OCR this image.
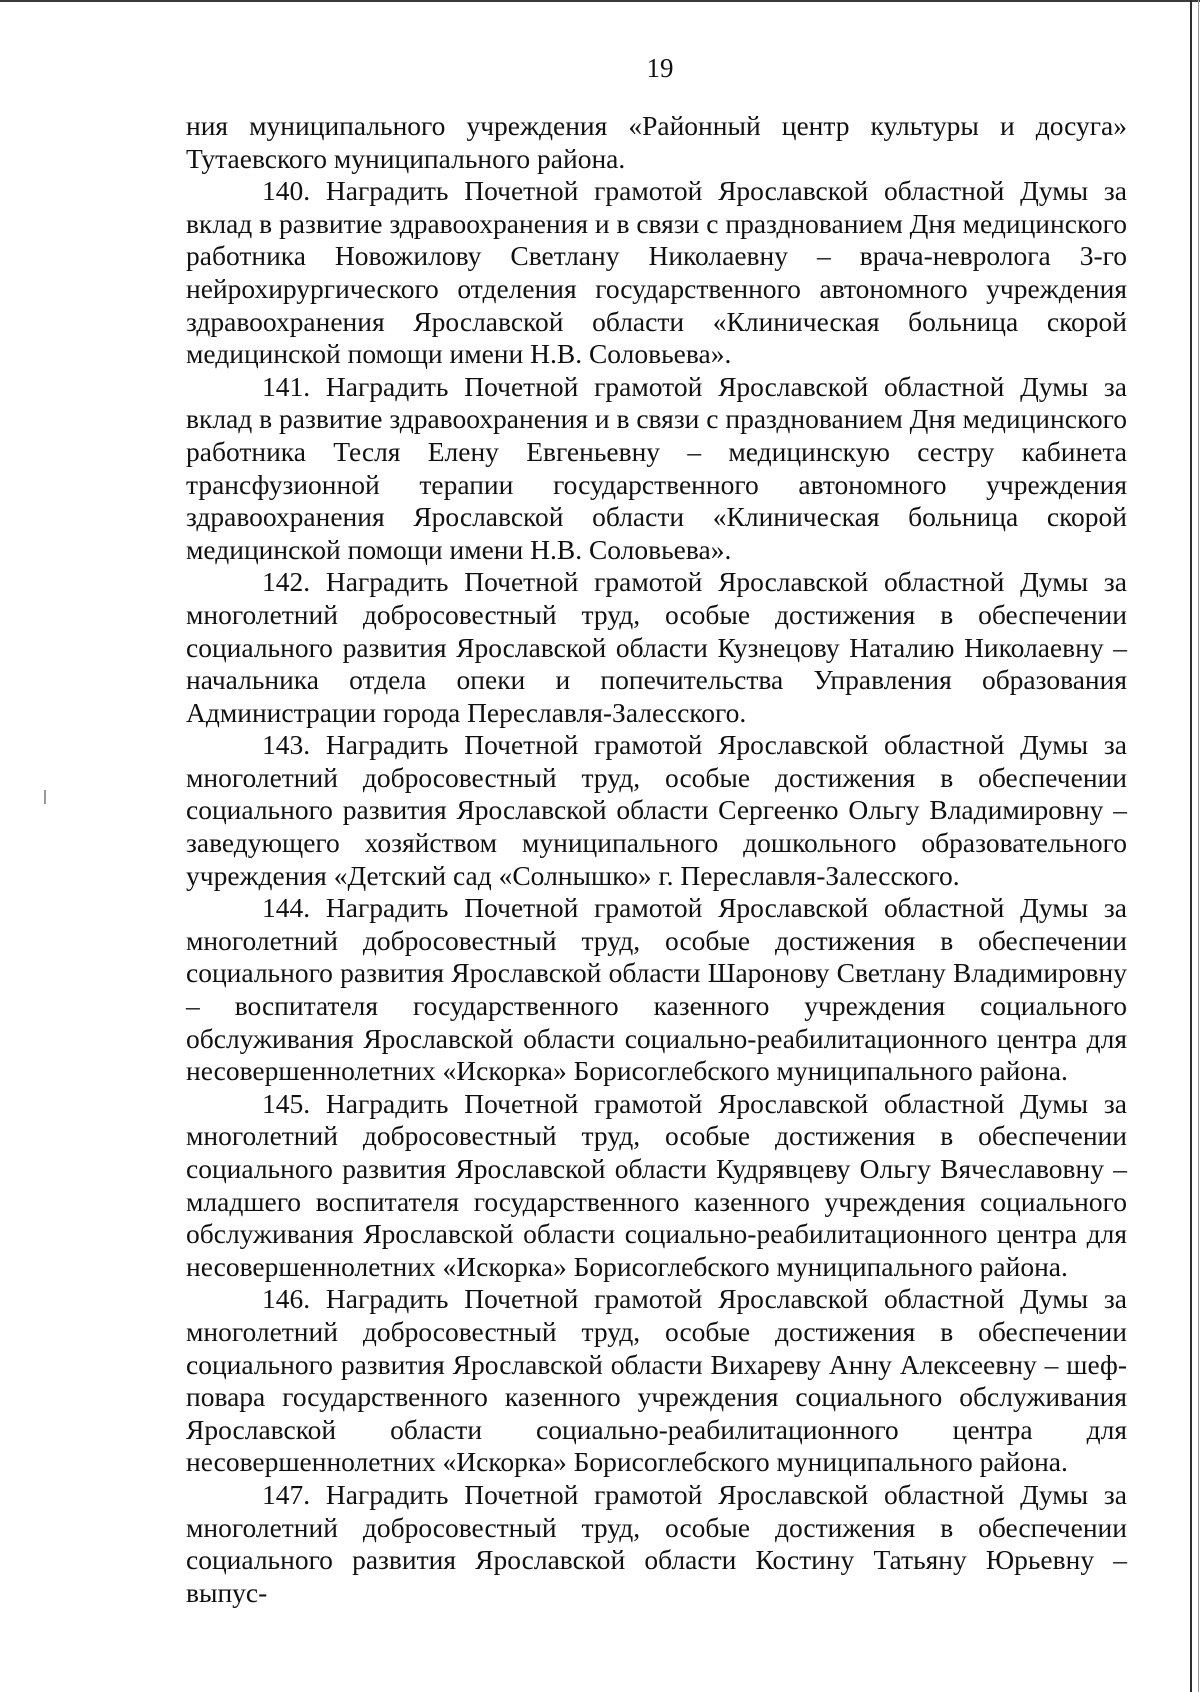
19

ния муниципального учреждения «Районный центр культуры и досуга» Тутаевского муниципального района.

140. Наградить Почетной грамотой Ярославской областной Думы за вклад в развитие здравоохранения и в связи с празднованием Дня медицинского работника Новожилову Светлану Николаевну – врача-невролога 3-го нейрохирургического отделения государственного автономного учреждения здравоохранения Ярославской области «Клиническая больница скорой медицинской помощи имени Н.В. Соловьева».

141. Наградить Почетной грамотой Ярославской областной Думы за вклад в развитие здравоохранения и в связи с празднованием Дня медицинского работника Тесля Елену Евгеньевну – медицинскую сестру кабинета трансфузионной терапии государственного автономного учреждения здравоохранения Ярославской области «Клиническая больница скорой медицинской помощи имени Н.В. Соловьева».

142. Наградить Почетной грамотой Ярославской областной Думы за многолетний добросовестный труд, особые достижения в обеспечении социального развития Ярославской области Кузнецову Наталию Николаевну – начальника отдела опеки и попечительства Управления образования Администрации города Переславля-Залесского.

143. Наградить Почетной грамотой Ярославской областной Думы за многолетний добросовестный труд, особые достижения в обеспечении социального развития Ярославской области Сергеенко Ольгу Владимировну – заведующего хозяйством муниципального дошкольного образовательного учреждения «Детский сад «Солнышко» г. Переславля-Залесского.

144. Наградить Почетной грамотой Ярославской областной Думы за многолетний добросовестный труд, особые достижения в обеспечении социального развития Ярославской области Шаронову Светлану Владимировну – воспитателя государственного казенного учреждения социального обслуживания Ярославской области социально-реабилитационного центра для несовершеннолетних «Искорка» Борисоглебского муниципального района.

145. Наградить Почетной грамотой Ярославской областной Думы за многолетний добросовестный труд, особые достижения в обеспечении социального развития Ярославской области Кудрявцеву Ольгу Вячеславовну – младшего воспитателя государственного казенного учреждения социального обслуживания Ярославской области социально-реабилитационного центра для несовершеннолетних «Искорка» Борисоглебского муниципального района.

146. Наградить Почетной грамотой Ярославской областной Думы за многолетний добросовестный труд, особые достижения в обеспечении социального развития Ярославской области Вихареву Анну Алексеевну – шеф-повара государственного казенного учреждения социального обслуживания Ярославской области социально-реабилитационного центра для несовершеннолетних «Искорка» Борисоглебского муниципального района.

147. Наградить Почетной грамотой Ярославской областной Думы за многолетний добросовестный труд, особые достижения в обеспечении социального развития Ярославской области Костину Татьяну Юрьевну – выпус-
